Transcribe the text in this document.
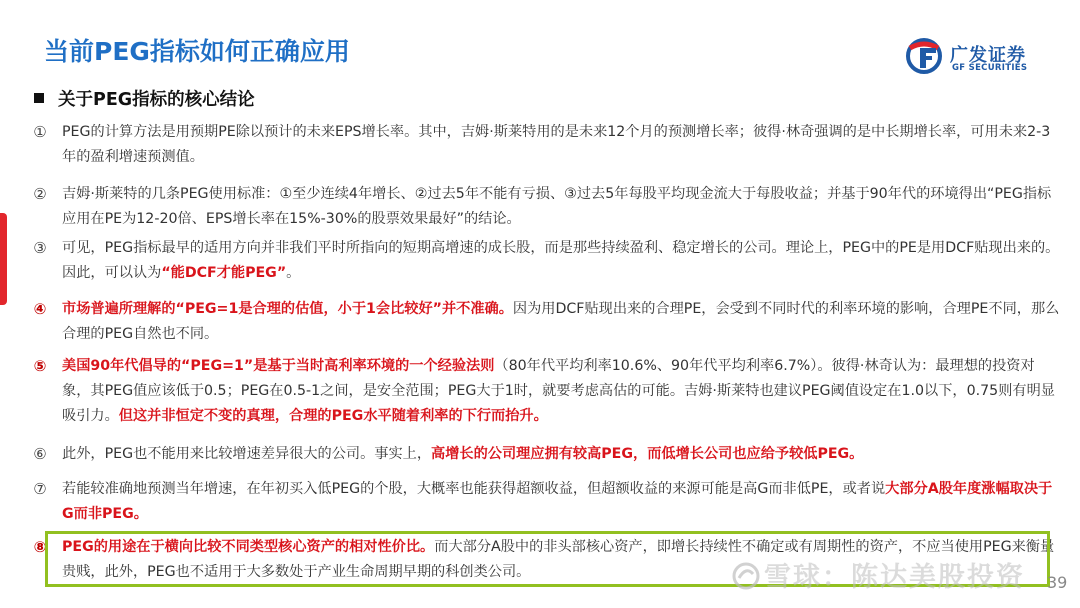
当前PEG指标如何正确应用	广发证券
GF SECURITIES
关于PEG指标的核心结论
①	PEG的计算方法是用预期PE除以预计的未来EPS增长率。其中，吉姆·斯莱特用的是未来12个月的预测增长率；彼得·林奇强调的是中长期增长率，可用未来2-3年的盈利增速预测值。
②	吉姆·斯莱特的几条PEG使用标准：①至少连续4年增长、②过去5年不能有亏损、③过去5年每股平均现金流大于每股收益；并基于90年代的环境得出“PEG指标应用在PE为12-20倍、EPS增长率在15%-30%的股票效果最好”的结论。
③	可见，PEG指标最早的适用方向并非我们平时所指向的短期高增速的成长股，而是那些持续盈利、稳定增长的公司。理论上，PEG中的PE是用DCF贴现出来的。因此，可以认为“能DCF才能PEG”。
④	市场普遍所理解的“PEG=1是合理的估值，小于1会比较好”并不准确。因为用DCF贴现出来的合理PE，会受到不同时代的利率环境的影响，合理PE不同，那么合理的PEG自然也不同。
⑤	美国90年代倡导的“PEG=1”是基于当时高利率环境的一个经验法则（80年代平均利率10.6%、90年代平均利率6.7%）。彼得·林奇认为：最理想的投资对象，其PEG值应该低于0.5；PEG在0.5-1之间，是安全范围；PEG大于1时，就要考虑高估的可能。吉姆·斯莱特也建议PEG阈值设定在1.0以下，0.75则有明显吸引力。但这并非恒定不变的真理，合理的PEG水平随着利率的下行而抬升。
⑥	此外，PEG也不能用来比较增速差异很大的公司。事实上，高增长的公司理应拥有较高PEG，而低增长公司也应给予较低PEG。
⑦	若能较准确地预测当年增速，在年初买入低PEG的个股，大概率也能获得超额收益，但超额收益的来源可能是高G而非低PE，或者说大部分A股年度涨幅取决于G而非PEG。
⑧	PEG的用途在于横向比较不同类型核心资产的相对性价比。而大部分A股中的非头部核心资产，即增长持续性不确定或有周期性的资产，不应当使用PEG来衡量贵贱，此外，PEG也不适用于大多数处于产业生命周期早期的科创类公司。	雪球：陈达美股投资 39
